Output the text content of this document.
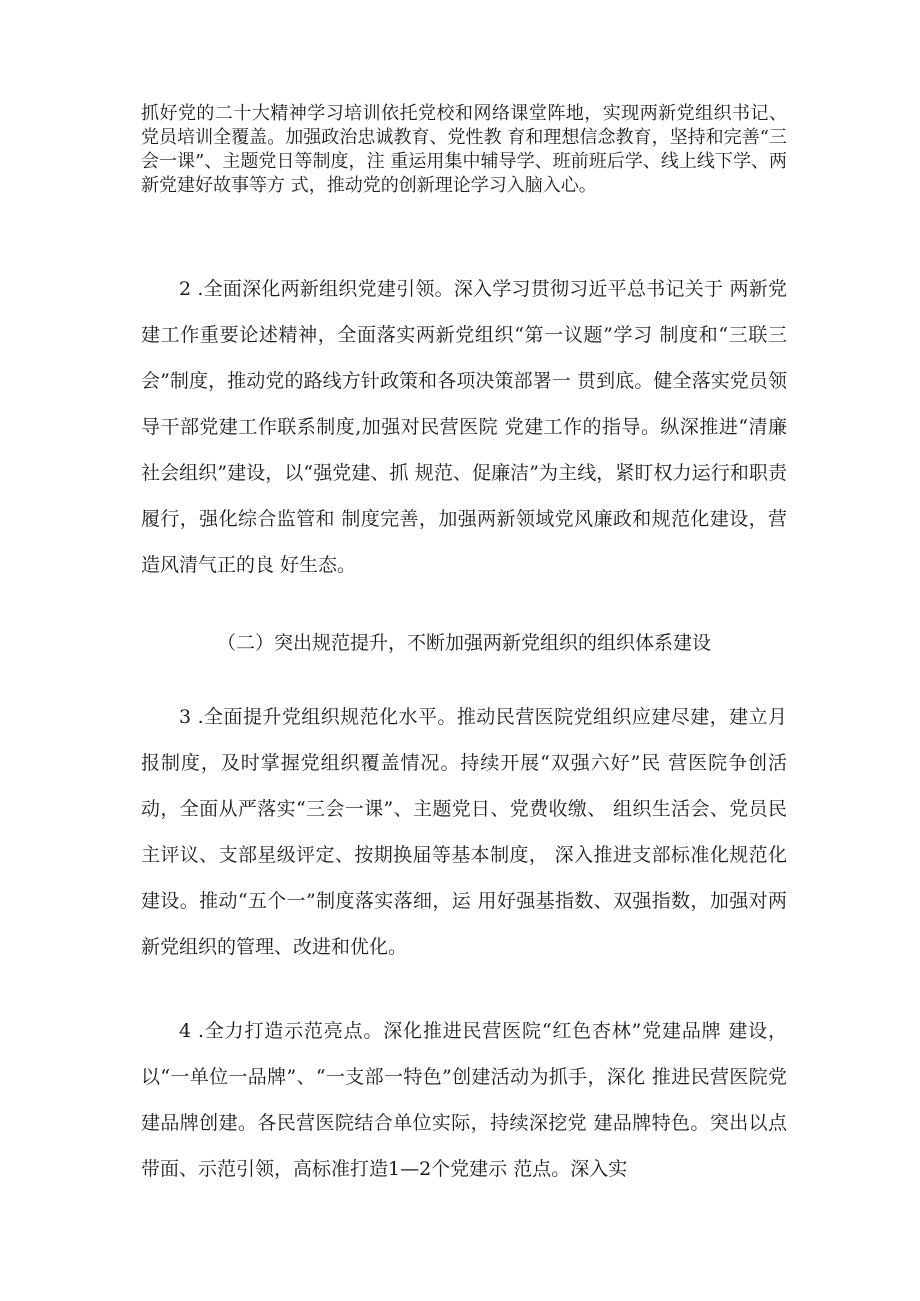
抓好党的二十大精神学习培训依托党校和网络课堂阵地，实现两新党组织书记、党员培训全覆盖。加强政治忠诚教育、党性教 育和理想信念教育，坚持和完善“三会一课”、主题党日等制度，注 重运用集中辅导学、班前班后学、线上线下学、两新党建好故事等方 式，推动党的创新理论学习入脑入心。

2 .全面深化两新组织党建引领。深入学习贯彻习近平总书记关于 两新党建工作重要论述精神，全面落实两新党组织“第一议题”学习 制度和“三联三会”制度，推动党的路线方针政策和各项决策部署一 贯到底。健全落实党员领导干部党建工作联系制度,加强对民营医院 党建工作的指导。纵深推进“清廉社会组织”建设，以“强党建、抓 规范、促廉洁”为主线，紧盯权力运行和职责履行，强化综合监管和 制度完善，加强两新领域党风廉政和规范化建设，营造风清气正的良 好生态。

（二）突出规范提升，不断加强两新党组织的组织体系建设

3 .全面提升党组织规范化水平。推动民营医院党组织应建尽建，建立月报制度，及时掌握党组织覆盖情况。持续开展“双强六好”民 营医院争创活动，全面从严落实“三会一课”、主题党日、党费收缴、 组织生活会、党员民主评议、支部星级评定、按期换届等基本制度， 深入推进支部标准化规范化建设。推动“五个一”制度落实落细，运 用好强基指数、双强指数，加强对两新党组织的管理、改进和优化。

4 .全力打造示范亮点。深化推进民营医院“红色杏林”党建品牌 建设，以“一单位一品牌”、“一支部一特色”创建活动为抓手，深化 推进民营医院党建品牌创建。各民营医院结合单位实际，持续深挖党 建品牌特色。突出以点带面、示范引领，高标准打造1—2个党建示 范点。深入实
